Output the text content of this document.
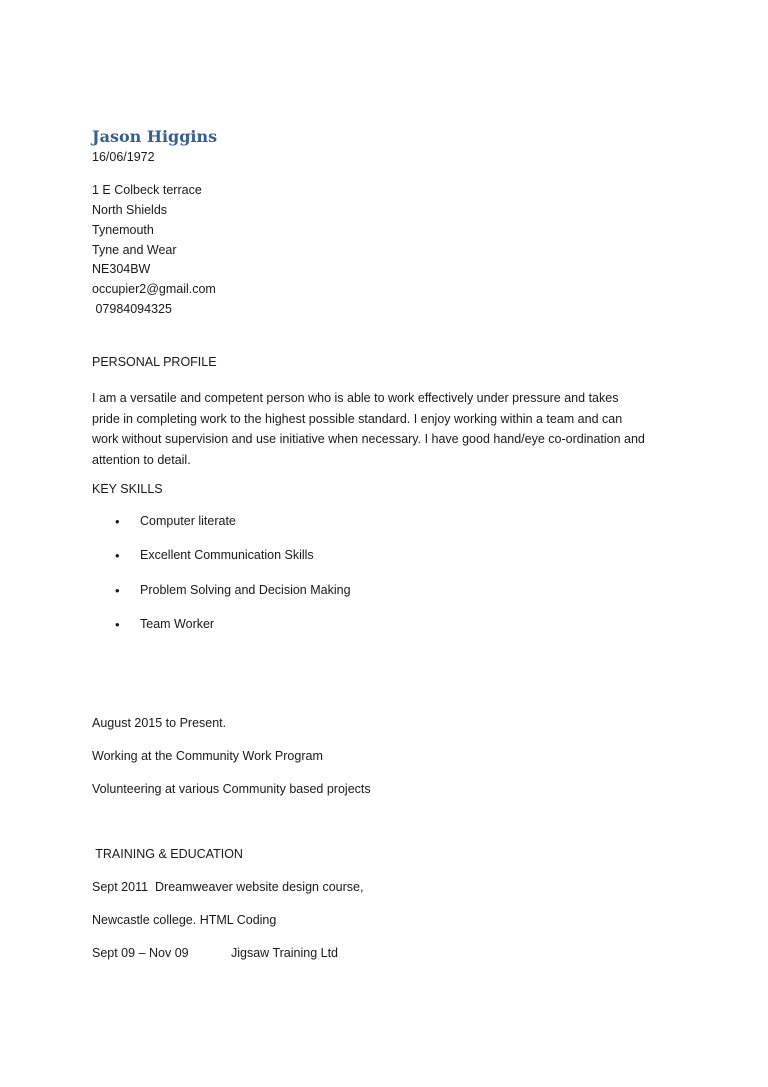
Jason Higgins
16/06/1972
1 E Colbeck terrace
North Shields
Tynemouth
Tyne and Wear
NE304BW
occupier2@gmail.com
07984094325
PERSONAL PROFILE
I am a versatile and competent person who is able to work effectively under pressure and takes
pride in completing work to the highest possible standard. I enjoy working within a team and can
work without supervision and use initiative when necessary. I have good hand/eye co-ordination and
attention to detail.
KEY SKILLS
• Computer literate
• Excellent Communication Skills
• Problem Solving and Decision Making
• Team Worker
August 2015 to Present.
Working at the Community Work Program
Volunteering at various Community based projects
TRAINING & EDUCATION
Sept 2011  Dreamweaver website design course,
Newcastle college. HTML Coding
Sept 09 – Nov 09	Jigsaw Training Ltd
